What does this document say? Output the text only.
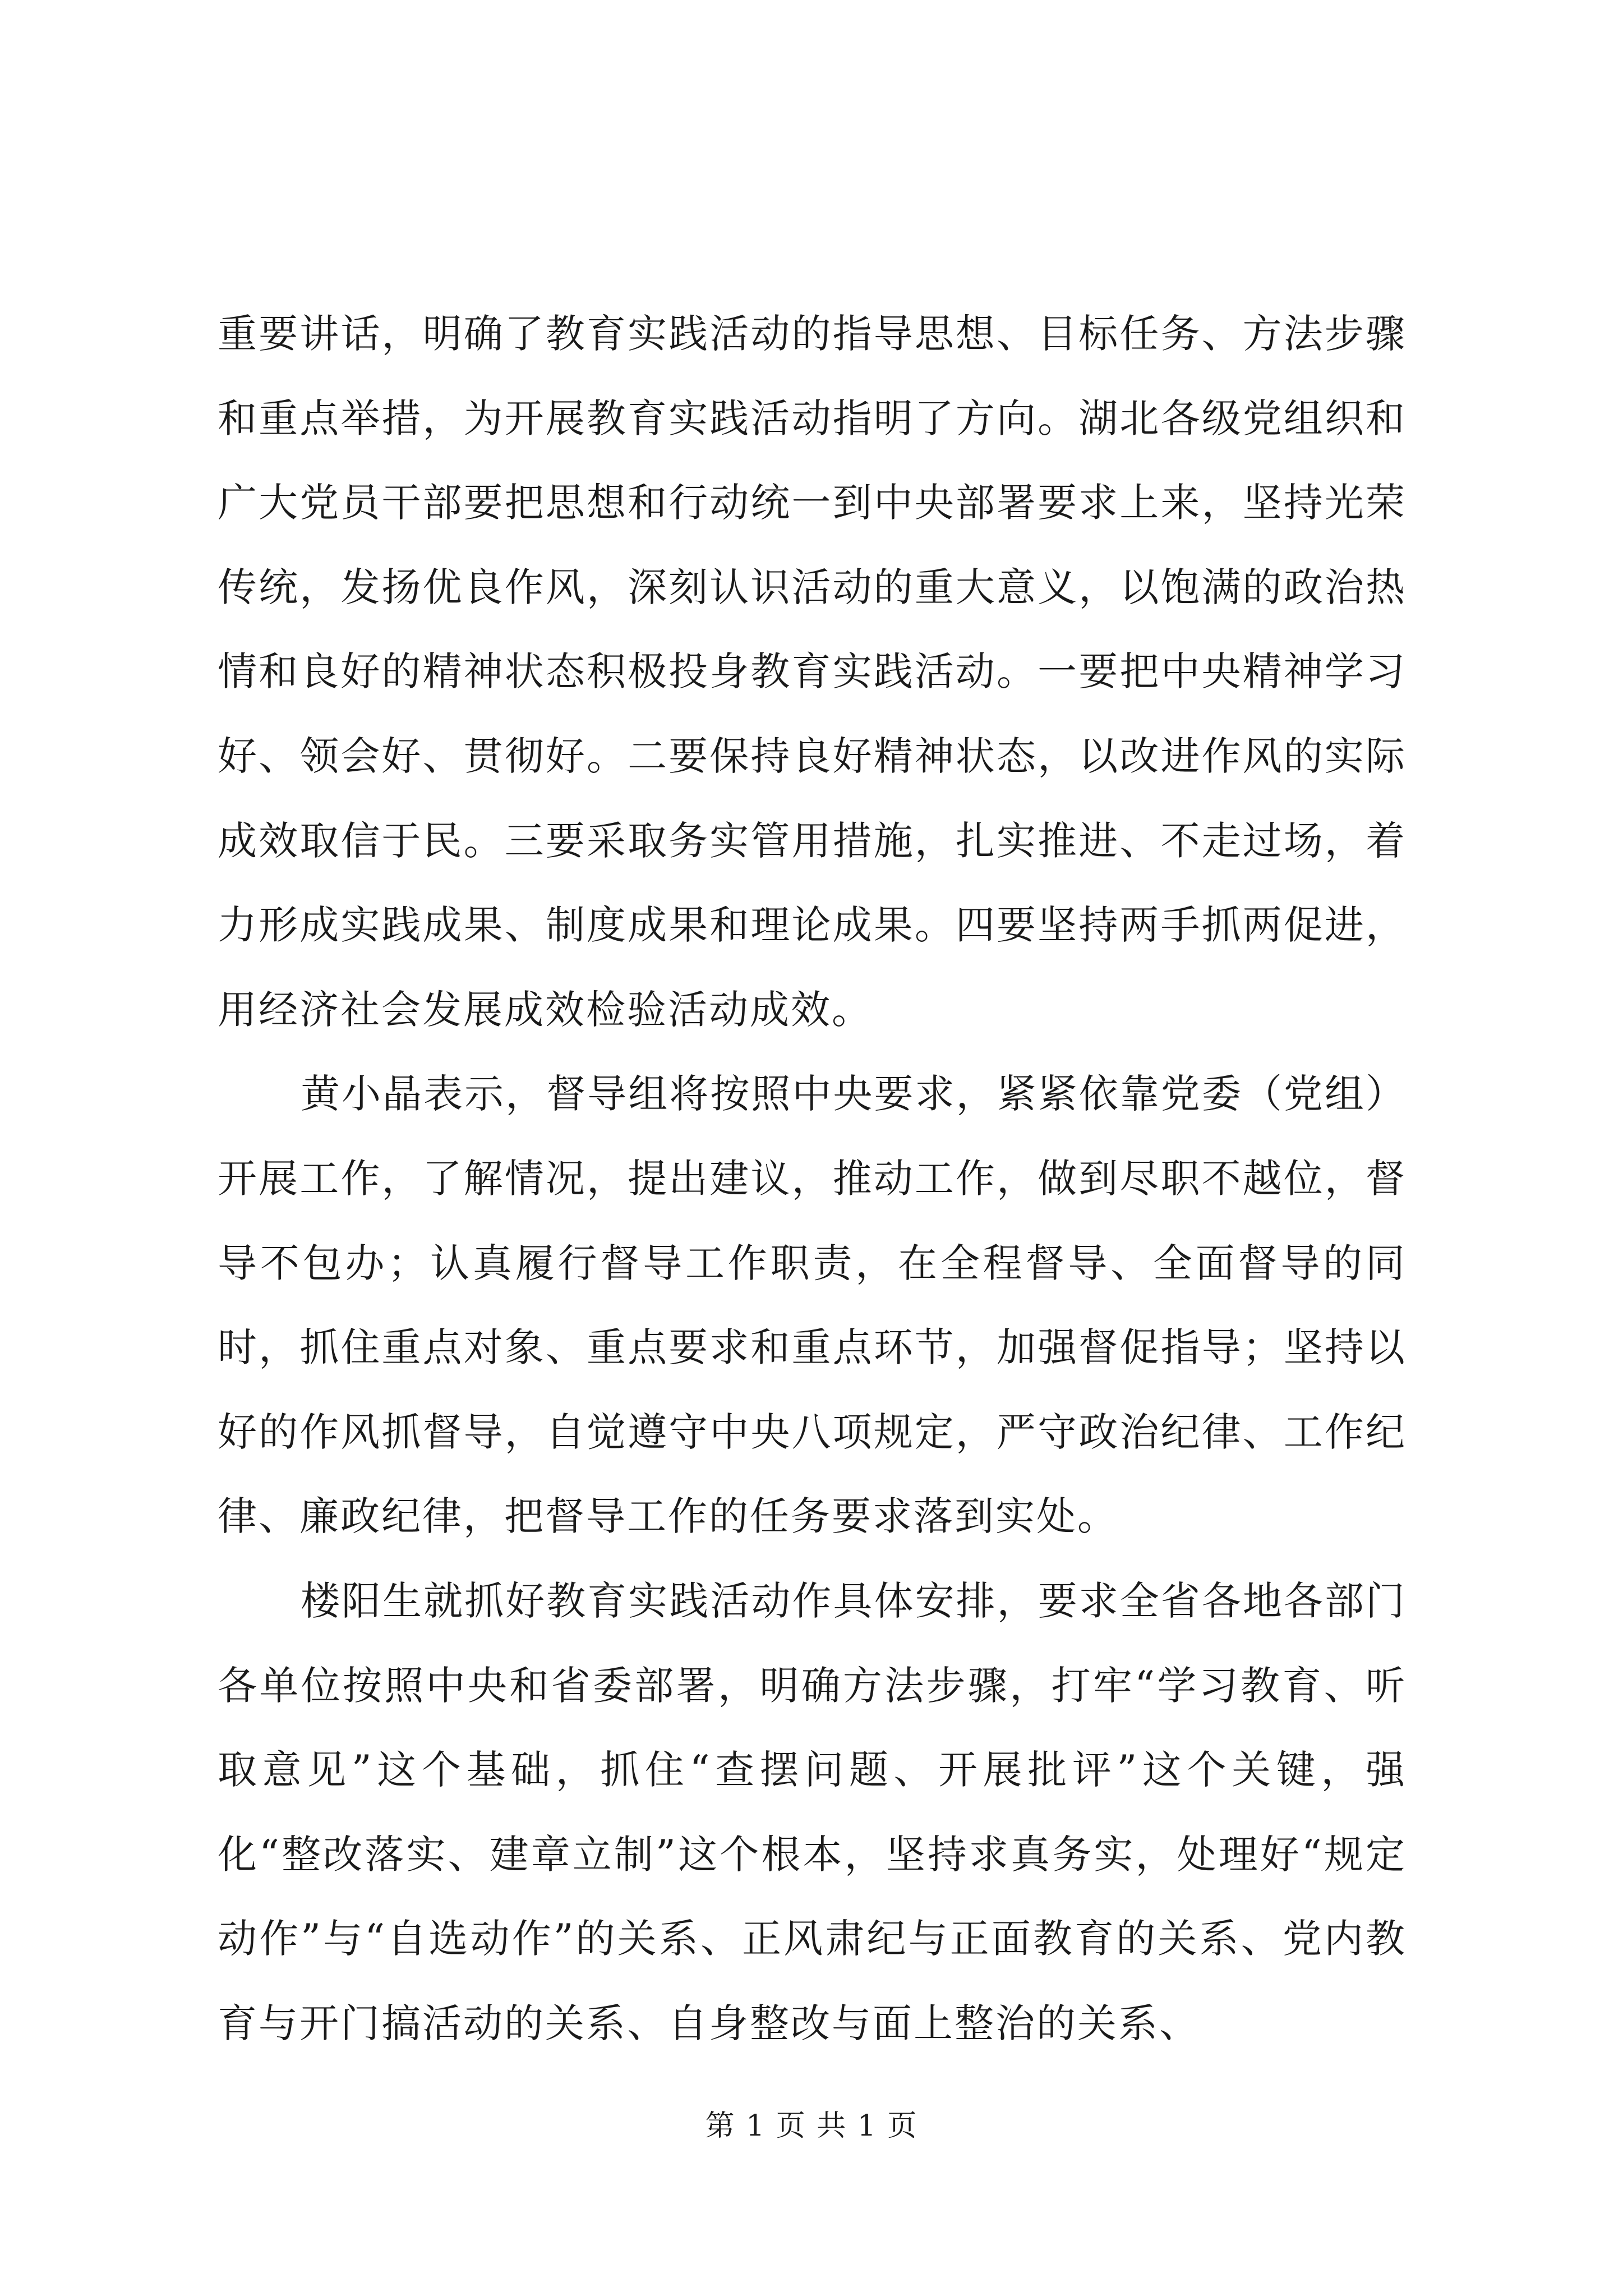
重要讲话，明确了教育实践活动的指导思想、目标任务、方法步骤和重点举措，为开展教育实践活动指明了方向。湖北各级党组织和广大党员干部要把思想和行动统一到中央部署要求上来，坚持光荣传统，发扬优良作风，深刻认识活动的重大意义，以饱满的政治热情和良好的精神状态积极投身教育实践活动。一要把中央精神学习好、领会好、贯彻好。二要保持良好精神状态，以改进作风的实际成效取信于民。三要采取务实管用措施，扎实推进、不走过场，着力形成实践成果、制度成果和理论成果。四要坚持两手抓两促进，用经济社会发展成效检验活动成效。

黄小晶表示，督导组将按照中央要求，紧紧依靠党委（党组）开展工作，了解情况，提出建议，推动工作，做到尽职不越位，督导不包办；认真履行督导工作职责，在全程督导、全面督导的同时，抓住重点对象、重点要求和重点环节，加强督促指导；坚持以好的作风抓督导，自觉遵守中央八项规定，严守政治纪律、工作纪律、廉政纪律，把督导工作的任务要求落到实处。

楼阳生就抓好教育实践活动作具体安排，要求全省各地各部门各单位按照中央和省委部署，明确方法步骤，打牢“学习教育、听取意见”这个基础，抓住“查摆问题、开展批评”这个关键，强化“整改落实、建章立制”这个根本，坚持求真务实，处理好“规定动作”与“自选动作”的关系、正风肃纪与正面教育的关系、党内教育与开门搞活动的关系、自身整改与面上整治的关系、

第 1 页 共 1 页
